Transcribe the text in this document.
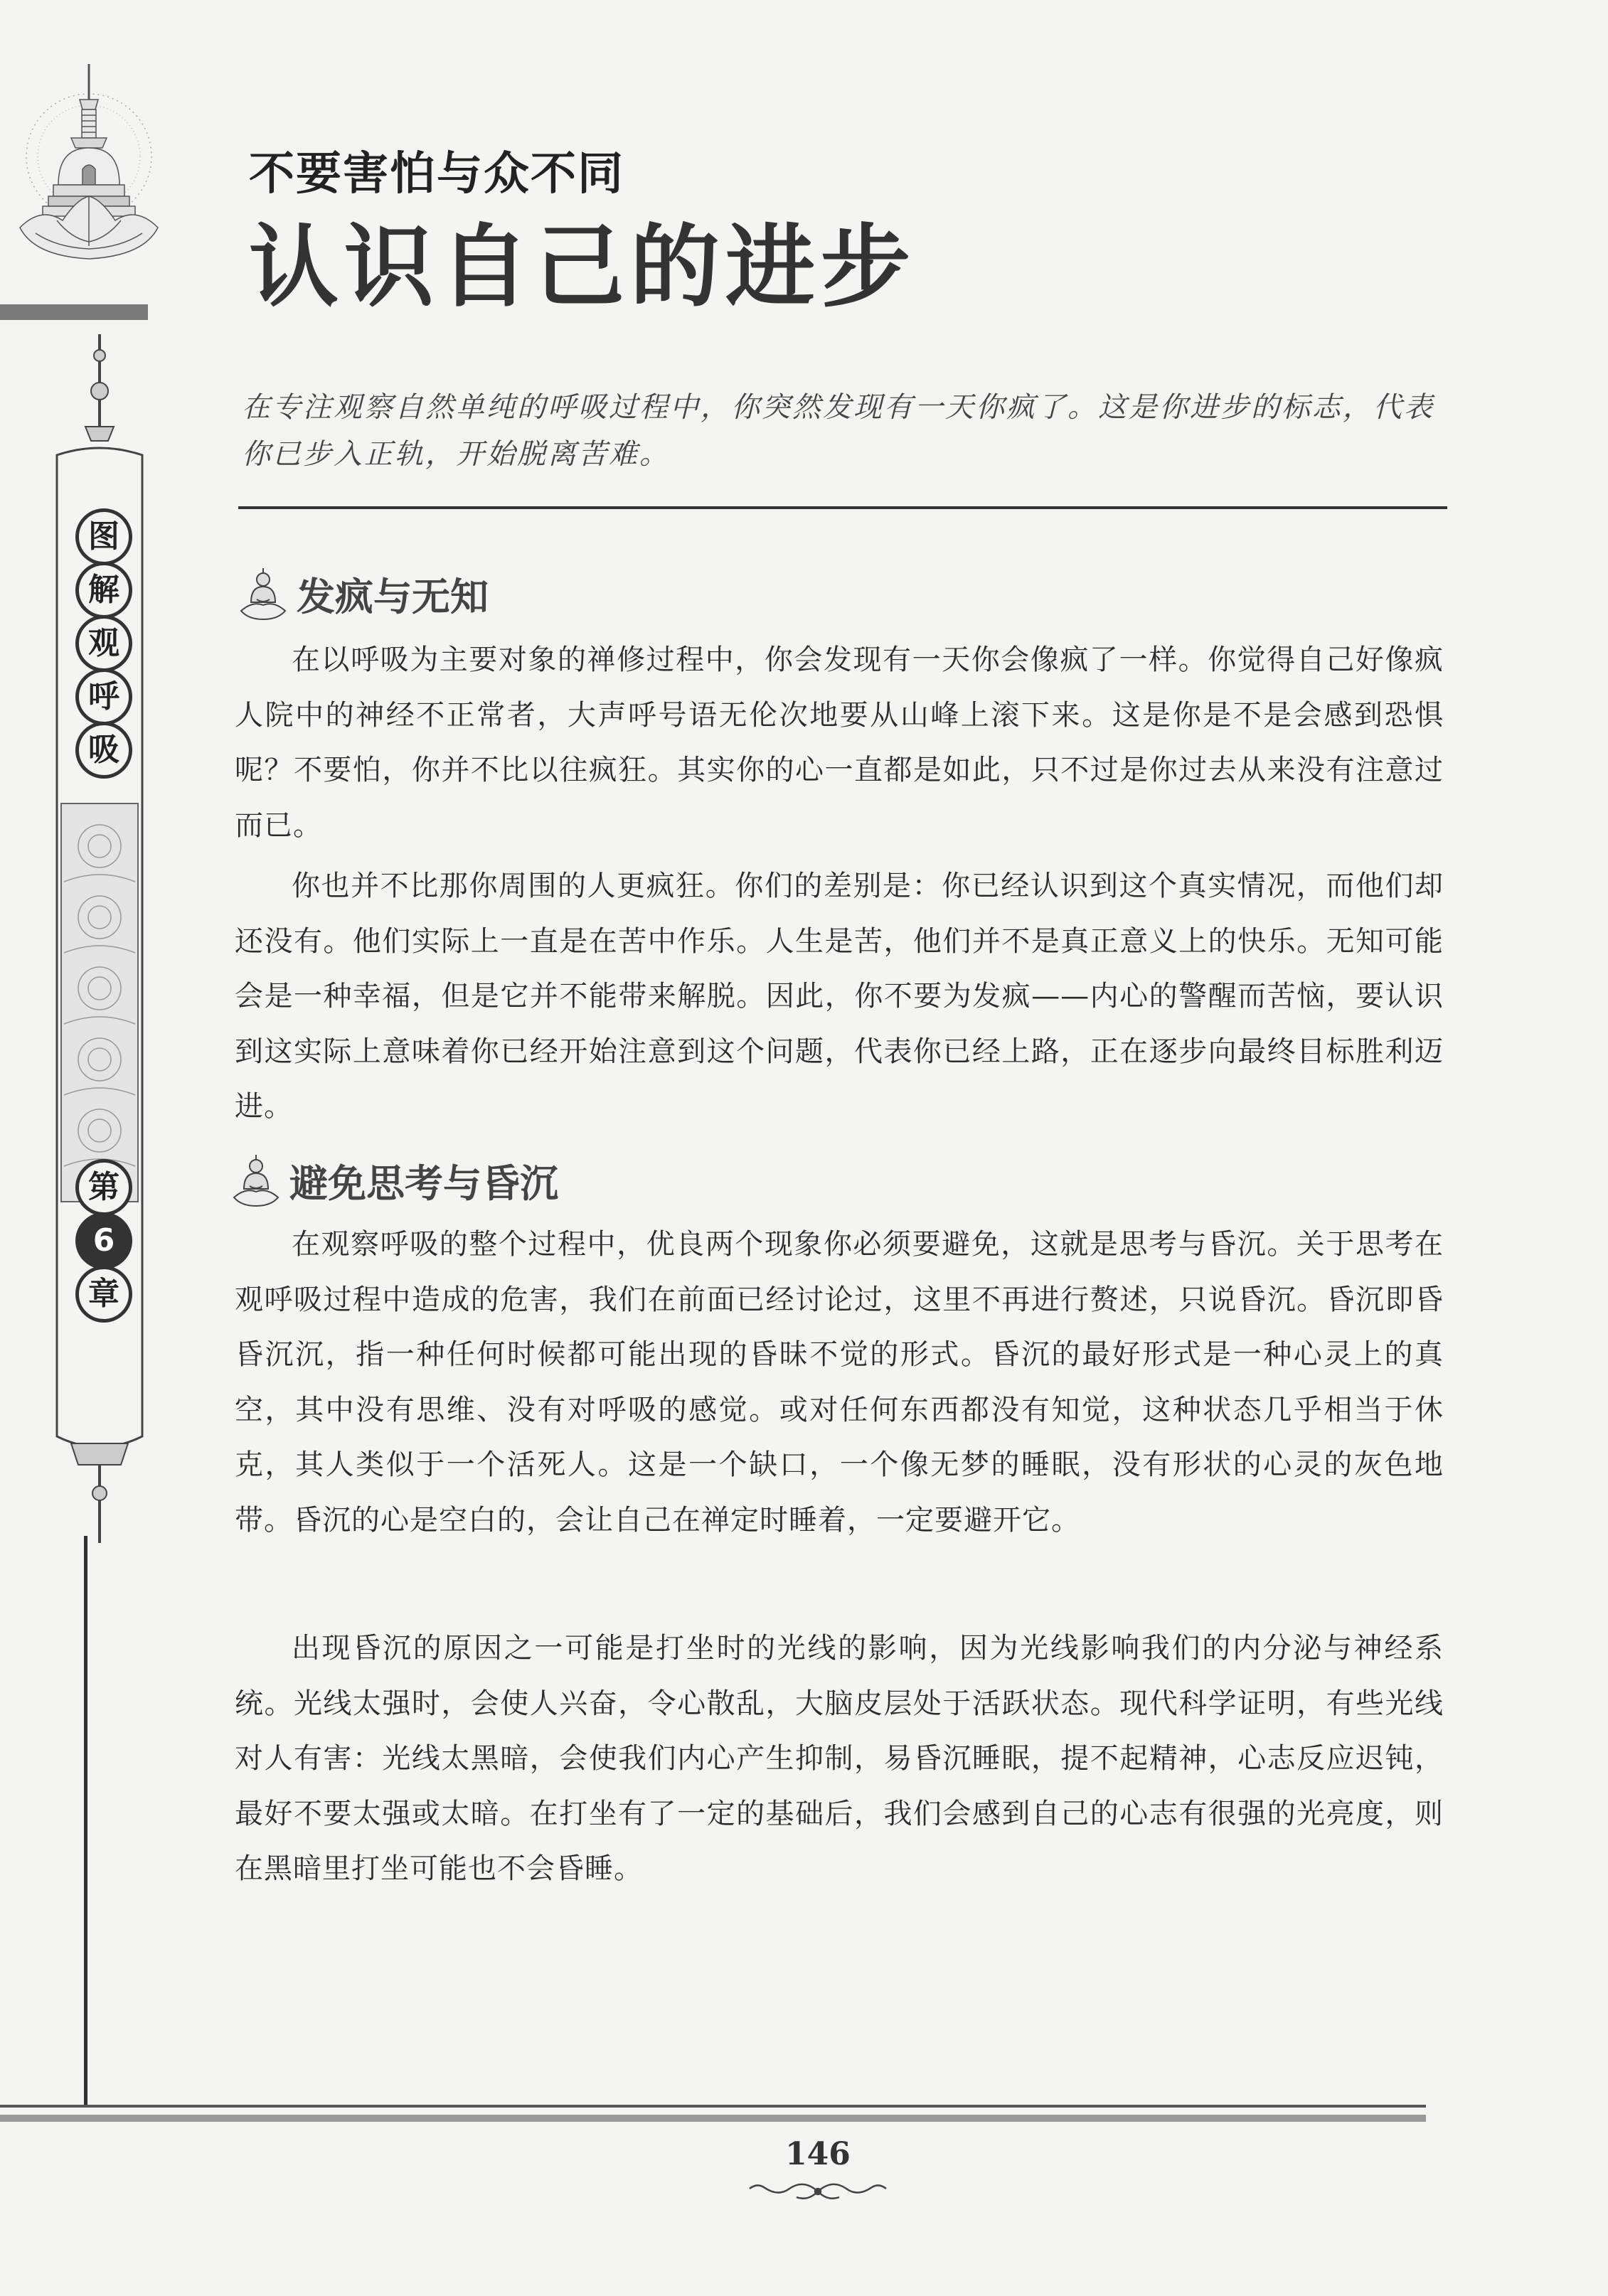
图
解
观
呼
吸
第
6
章
不要害怕与众不同
认识自己的进步
在专注观察自然单纯的呼吸过程中，你突然发现有一天你疯了。这是你进步的标志，代表你已步入正轨，开始脱离苦难。
发疯与无知

在以呼吸为主要对象的禅修过程中，你会发现有一天你会像疯了一样。你觉得自己好像疯人院中的神经不正常者，大声呼号语无伦次地要从山峰上滚下来。这是你是不是会感到恐惧呢？不要怕，你并不比以往疯狂。其实你的心一直都是如此，只不过是你过去从来没有注意过而已。

你也并不比那你周围的人更疯狂。你们的差别是：你已经认识到这个真实情况，而他们却还没有。他们实际上一直是在苦中作乐。人生是苦，他们并不是真正意义上的快乐。无知可能会是一种幸福，但是它并不能带来解脱。因此，你不要为发疯——内心的警醒而苦恼，要认识到这实际上意味着你已经开始注意到这个问题，代表你已经上路，正在逐步向最终目标胜利迈进。

避免思考与昏沉

在观察呼吸的整个过程中，优良两个现象你必须要避免，这就是思考与昏沉。关于思考在观呼吸过程中造成的危害，我们在前面已经讨论过，这里不再进行赘述，只说昏沉。昏沉即昏昏沉沉，指一种任何时候都可能出现的昏昧不觉的形式。昏沉的最好形式是一种心灵上的真空，其中没有思维、没有对呼吸的感觉。或对任何东西都没有知觉，这种状态几乎相当于休克，其人类似于一个活死人。这是一个缺口，一个像无梦的睡眠，没有形状的心灵的灰色地带。昏沉的心是空白的，会让自己在禅定时睡着，一定要避开它。

出现昏沉的原因之一可能是打坐时的光线的影响，因为光线影响我们的内分泌与神经系统。光线太强时，会使人兴奋，令心散乱，大脑皮层处于活跃状态。现代科学证明，有些光线对人有害：光线太黑暗，会使我们内心产生抑制，易昏沉睡眠，提不起精神，心志反应迟钝，最好不要太强或太暗。在打坐有了一定的基础后，我们会感到自己的心志有很强的光亮度，则在黑暗里打坐可能也不会昏睡。

146
